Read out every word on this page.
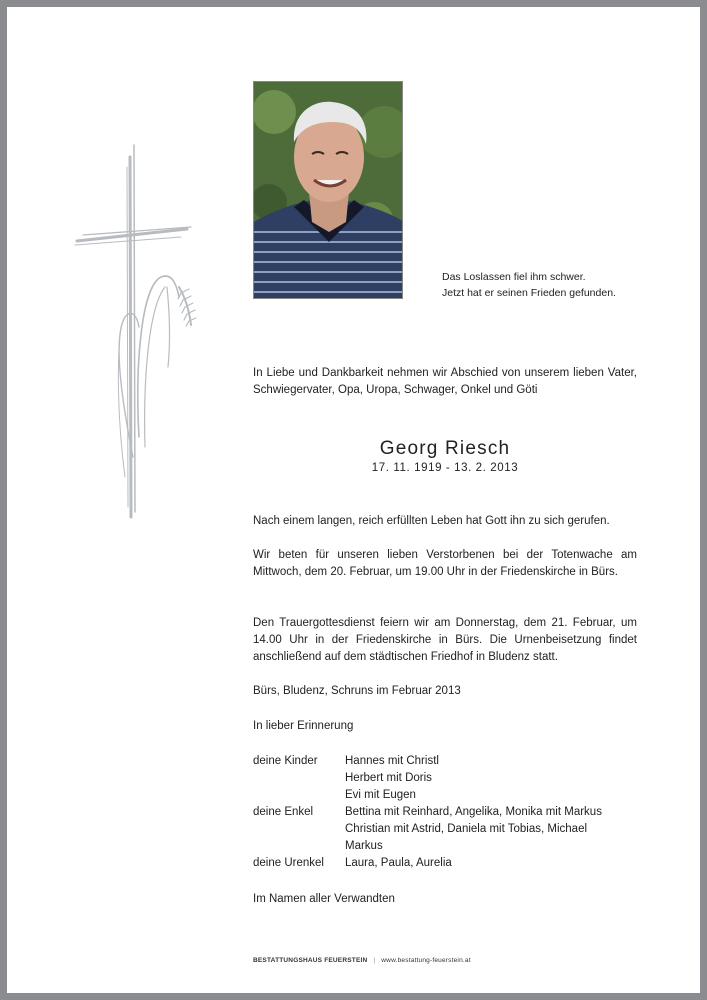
Das Loslassen fiel ihm schwer.
Jetzt hat er seinen Frieden gefunden.
In Liebe und Dankbarkeit nehmen wir Abschied von unserem lieben Vater, Schwiegervater, Opa, Uropa, Schwager, Onkel und Göti
Georg Riesch
17. 11. 1919 - 13. 2. 2013
Nach einem langen, reich erfüllten Leben hat Gott ihn zu sich gerufen.
Wir beten für unseren lieben Verstorbenen bei der Totenwache am Mittwoch, dem 20. Februar, um 19.00 Uhr in der Friedenskirche in Bürs.
Den Trauergottesdienst feiern wir am Donnerstag, dem 21. Februar, um 14.00 Uhr in der Friedenskirche in Bürs. Die Urnenbeisetzung findet anschließend auf dem städtischen Friedhof in Bludenz statt.
Bürs, Bludenz, Schruns im Februar 2013
In lieber Erinnerung
deine Kinder	Hannes mit Christl
Herbert mit Doris
Evi mit Eugen
deine Enkel	Bettina mit Reinhard, Angelika, Monika mit Markus
Christian mit Astrid, Daniela mit Tobias, Michael
Markus
deine Urenkel	Laura, Paula, Aurelia
Im Namen aller Verwandten
BESTATTUNGSHAUS FEUERSTEIN | www.bestattung-feuerstein.at
